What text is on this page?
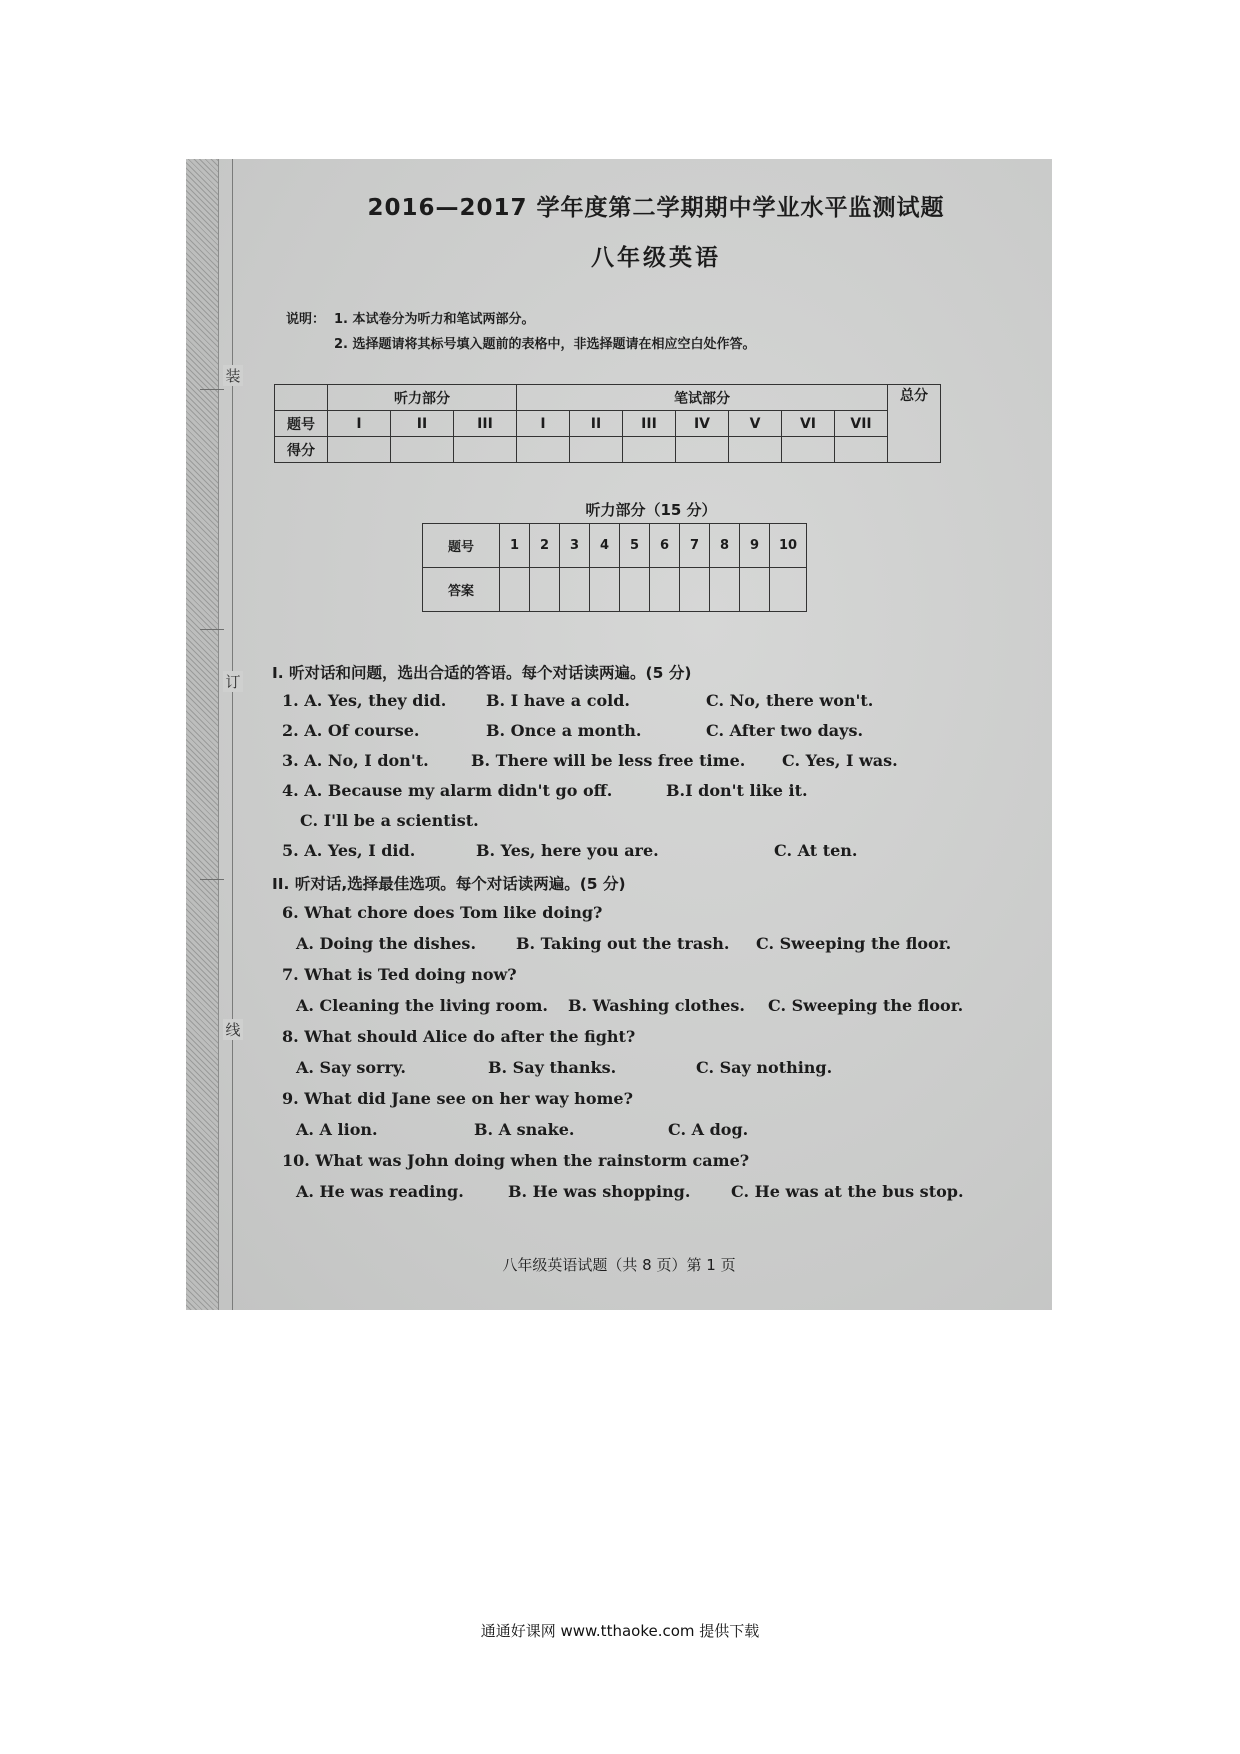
装
订
线
2016—2017 学年度第二学期期中学业水平监测试题
八年级英语
说明： 1. 本试卷分为听力和笔试两部分。
2. 选择题请将其标号填入题前的表格中，非选择题请在相应空白处作答。
	听力部分			笔试部分							总分
题号	I	II	III	I	II	III	IV	V	VI	VII	
得分											
听力部分（15 分）
题号	1	2	3	4	5	6	7	8	9	10
答案										
I. 听对话和问题，选出合适的答语。每个对话读两遍。(5 分)
1. A. Yes, they did. B. I have a cold.	C. No, there won't.
2. A. Of course.	B. Once a month.	C. After two days.
3. A. No, I don't.	B. There will be less free time. C. Yes, I was.
4. A. Because my alarm didn't go off.	B.I don't like it.
C. I'll be a scientist.
5. A. Yes, I did.	B. Yes, here you are.	C. At ten.
II. 听对话,选择最佳选项。每个对话读两遍。(5 分)
6. What chore does Tom like doing?
A. Doing the dishes. B. Taking out the trash. C. Sweeping the floor.
7. What is Ted doing now?
A. Cleaning the living room. B. Washing clothes. C. Sweeping the floor.
8. What should Alice do after the fight?
A. Say sorry.	B. Say thanks.	C. Say nothing.
9. What did Jane see on her way home?
A. A lion.	B. A snake.	C. A dog.
10. What was John doing when the rainstorm came?
A. He was reading.	B. He was shopping.	C. He was at the bus stop.
八年级英语试题（共 8 页）第 1 页
通通好课网 www.tthaoke.com 提供下载
